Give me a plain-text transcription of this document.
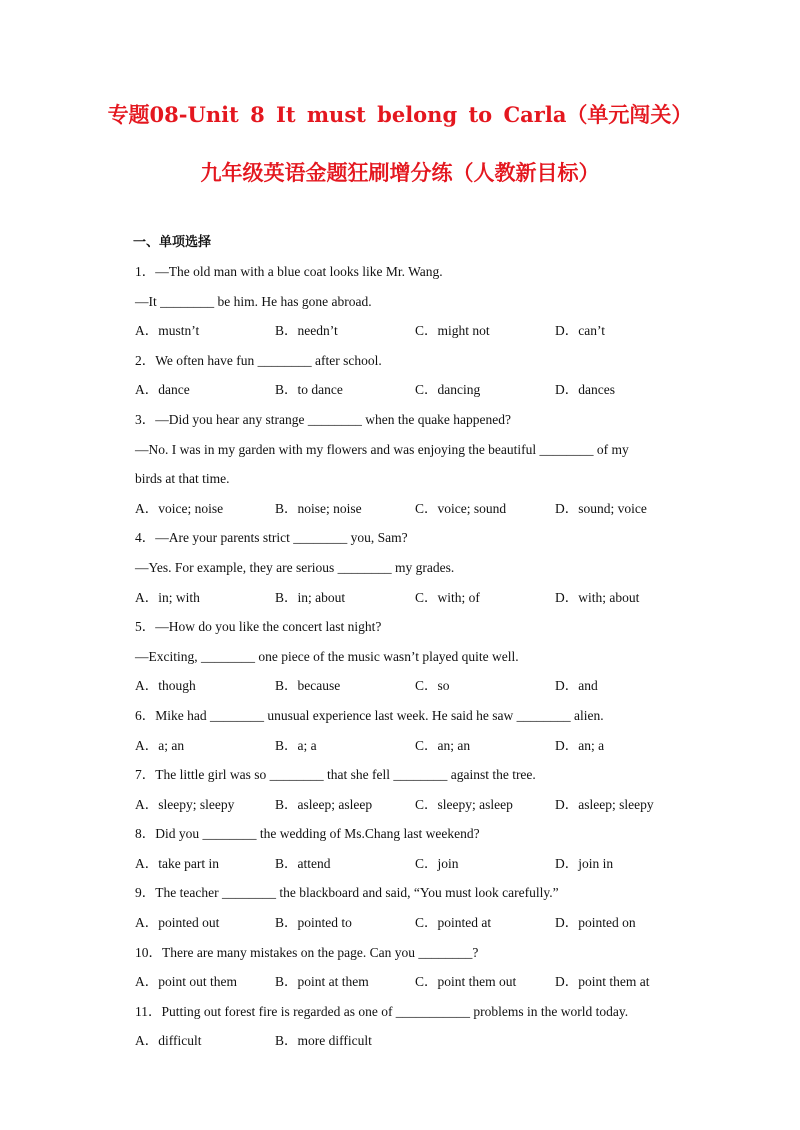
专题08-Unit 8 It must belong to Carla（单元闯关）
九年级英语金题狂刷增分练（人教新目标）
一、单项选择
1．—The old man with a blue coat looks like Mr. Wang.
—It ________ be him. He has gone abroad.
A．mustn’t	B．needn’t	C．might not	D．can’t
2．We often have fun ________ after school.
A．dance	B．to dance	C．dancing	D．dances
3．—Did you hear any strange ________ when the quake happened?
—No. I was in my garden with my flowers and was enjoying the beautiful ________ of my
birds at that time.
A．voice; noise	B．noise; noise	C．voice; sound	D．sound; voice
4．—Are your parents strict ________ you, Sam?
—Yes. For example, they are serious ________ my grades.
A．in; with	B．in; about	C．with; of	D．with; about
5．—How do you like the concert last night?
—Exciting, ________ one piece of the music wasn’t played quite well.
A．though	B．because	C．so	D．and
6．Mike had ________ unusual experience last week. He said he saw ________ alien.
A．a; an	B．a; a	C．an; an	D．an; a
7．The little girl was so ________ that she fell ________ against the tree.
A．sleepy; sleepy	B．asleep; asleep	C．sleepy; asleep	D．asleep; sleepy
8．Did you ________ the wedding of Ms.Chang last weekend?
A．take part in	B．attend	C．join	D．join in
9．The teacher ________ the blackboard and said, “You must look carefully.”
A．pointed out	B．pointed to	C．pointed at	D．pointed on
10．There are many mistakes on the page. Can you ________?
A．point out them	B．point at them	C．point them out	D．point them at
11．Putting out forest fire is regarded as one of ___________ problems in the world today.
A．difficult	B．more difficult
